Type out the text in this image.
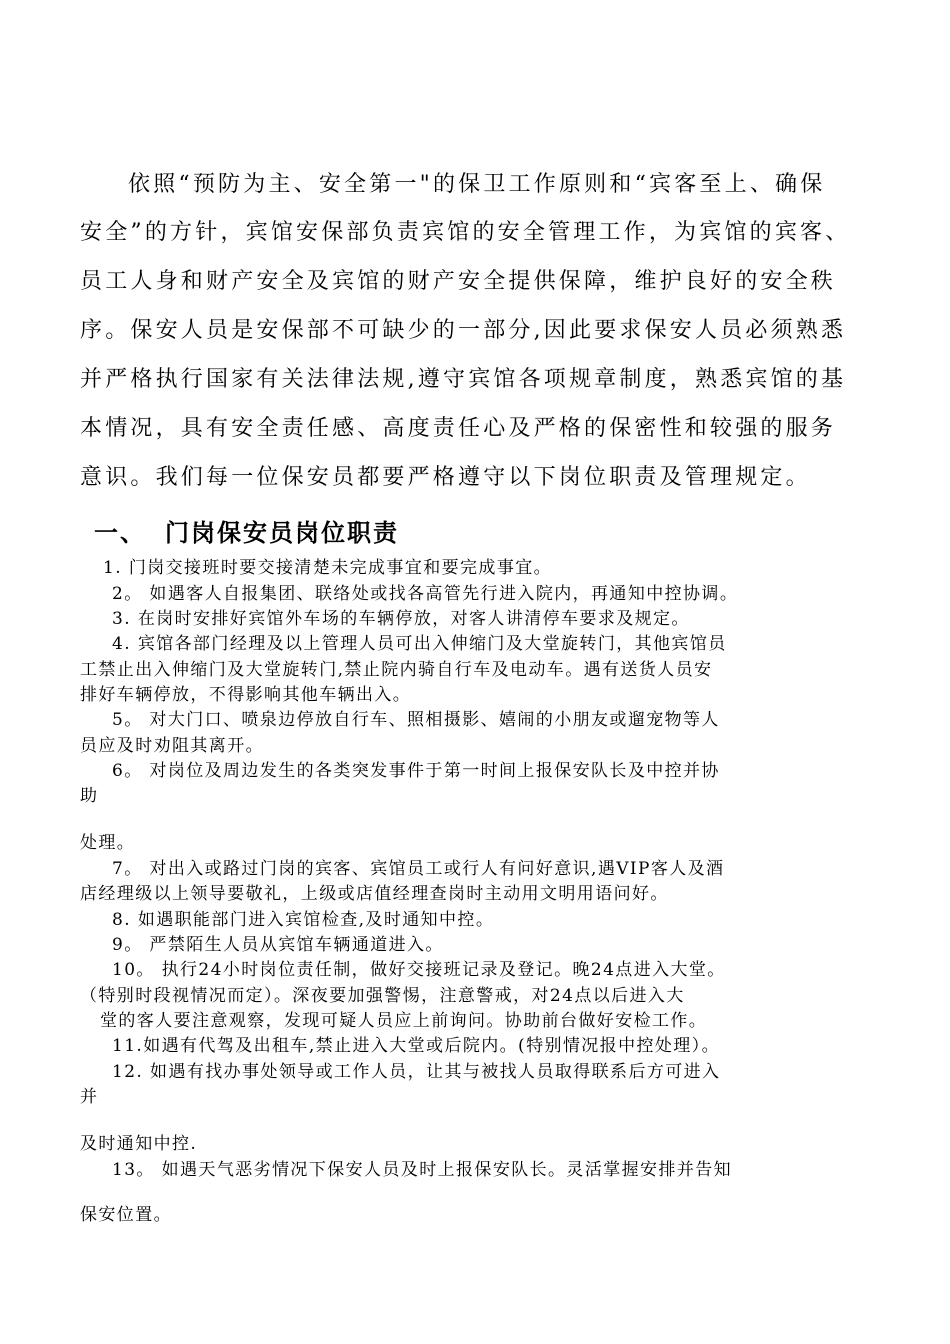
依照“预防为主、安全第一"的保卫工作原则和“宾客至上、确保

安全”的方针，宾馆安保部负责宾馆的安全管理工作，为宾馆的宾客、

员工人身和财产安全及宾馆的财产安全提供保障，维护良好的安全秩

序。保安人员是安保部不可缺少的一部分,因此要求保安人员必须熟悉

并严格执行国家有关法律法规,遵守宾馆各项规章制度，熟悉宾馆的基

本情况，具有安全责任感、高度责任心及严格的保密性和较强的服务

意识。我们每一位保安员都要严格遵守以下岗位职责及管理规定。

一、 门岗保安员岗位职责

1. 门岗交接班时要交接清楚未完成事宜和要完成事宜。

2。 如遇客人自报集团、联络处或找各高管先行进入院内，再通知中控协调。

3. 在岗时安排好宾馆外车场的车辆停放，对客人讲清停车要求及规定。

4. 宾馆各部门经理及以上管理人员可出入伸缩门及大堂旋转门，其他宾馆员

工禁止出入伸缩门及大堂旋转门,禁止院内骑自行车及电动车。遇有送货人员安

排好车辆停放，不得影响其他车辆出入。

5。 对大门口、喷泉边停放自行车、照相摄影、嬉闹的小朋友或遛宠物等人

员应及时劝阻其离开。

6。 对岗位及周边发生的各类突发事件于第一时间上报保安队长及中控并协

助

处理。

7。 对出入或路过门岗的宾客、宾馆员工或行人有问好意识,遇VIP客人及酒

店经理级以上领导要敬礼，上级或店值经理查岗时主动用文明用语问好。

8. 如遇职能部门进入宾馆检查,及时通知中控。

9。 严禁陌生人员从宾馆车辆通道进入。

10。 执行24小时岗位责任制，做好交接班记录及登记。晚24点进入大堂。

（特别时段视情况而定）。深夜要加强警惕，注意警戒，对24点以后进入大

堂的客人要注意观察，发现可疑人员应上前询问。协助前台做好安检工作。

11.如遇有代驾及出租车,禁止进入大堂或后院内。(特别情况报中控处理）。

12. 如遇有找办事处领导或工作人员，让其与被找人员取得联系后方可进入

并

及时通知中控.

13。 如遇天气恶劣情况下保安人员及时上报保安队长。灵活掌握安排并告知

保安位置。
